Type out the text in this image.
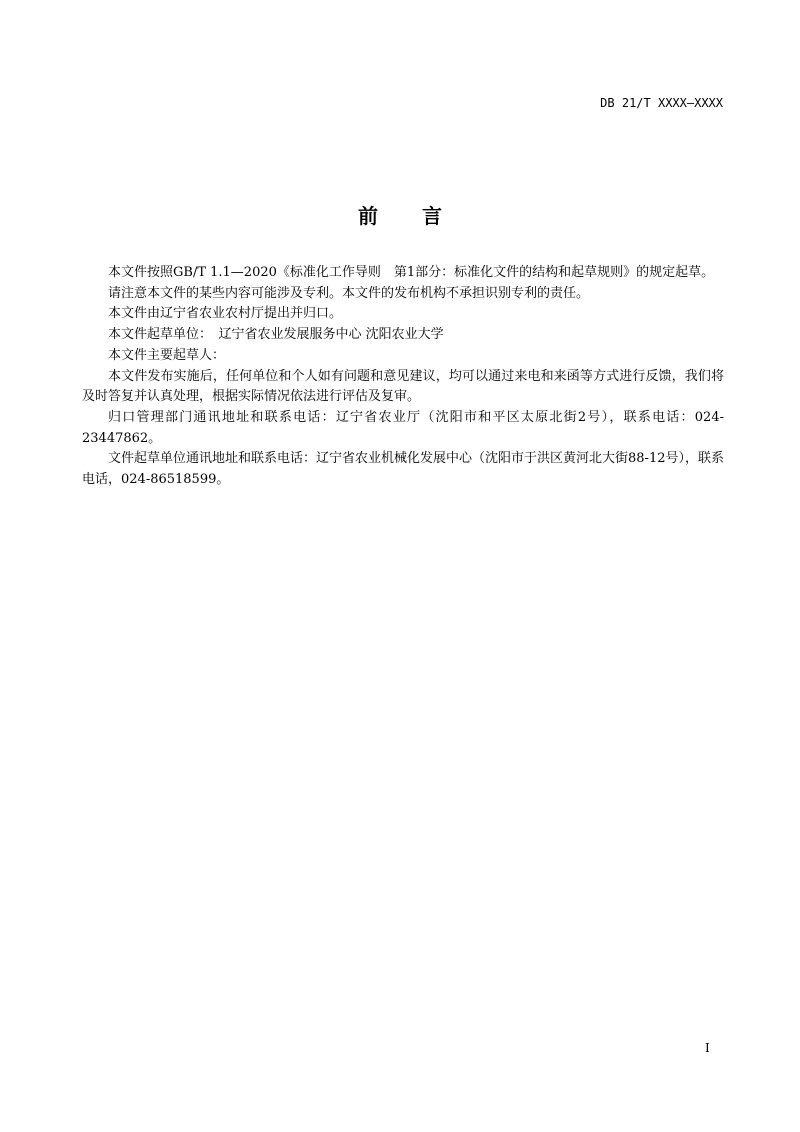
DB 21/T XXXX—XXXX
前言

本文件按照GB/T 1.1—2020《标准化工作导则　第1部分：标准化文件的结构和起草规则》的规定起草。

请注意本文件的某些内容可能涉及专利。本文件的发布机构不承担识别专利的责任。

本文件由辽宁省农业农村厅提出并归口。

本文件起草单位：　辽宁省农业发展服务中心 沈阳农业大学

本文件主要起草人：

本文件发布实施后，任何单位和个人如有问题和意见建议，均可以通过来电和来函等方式进行反馈，我们将及时答复并认真处理，根据实际情况依法进行评估及复审。

归口管理部门通讯地址和联系电话：辽宁省农业厅（沈阳市和平区太原北街2号），联系电话：024-23447862。

文件起草单位通讯地址和联系电话：辽宁省农业机械化发展中心（沈阳市于洪区黄河北大街88-12号），联系电话，024-86518599。

I
